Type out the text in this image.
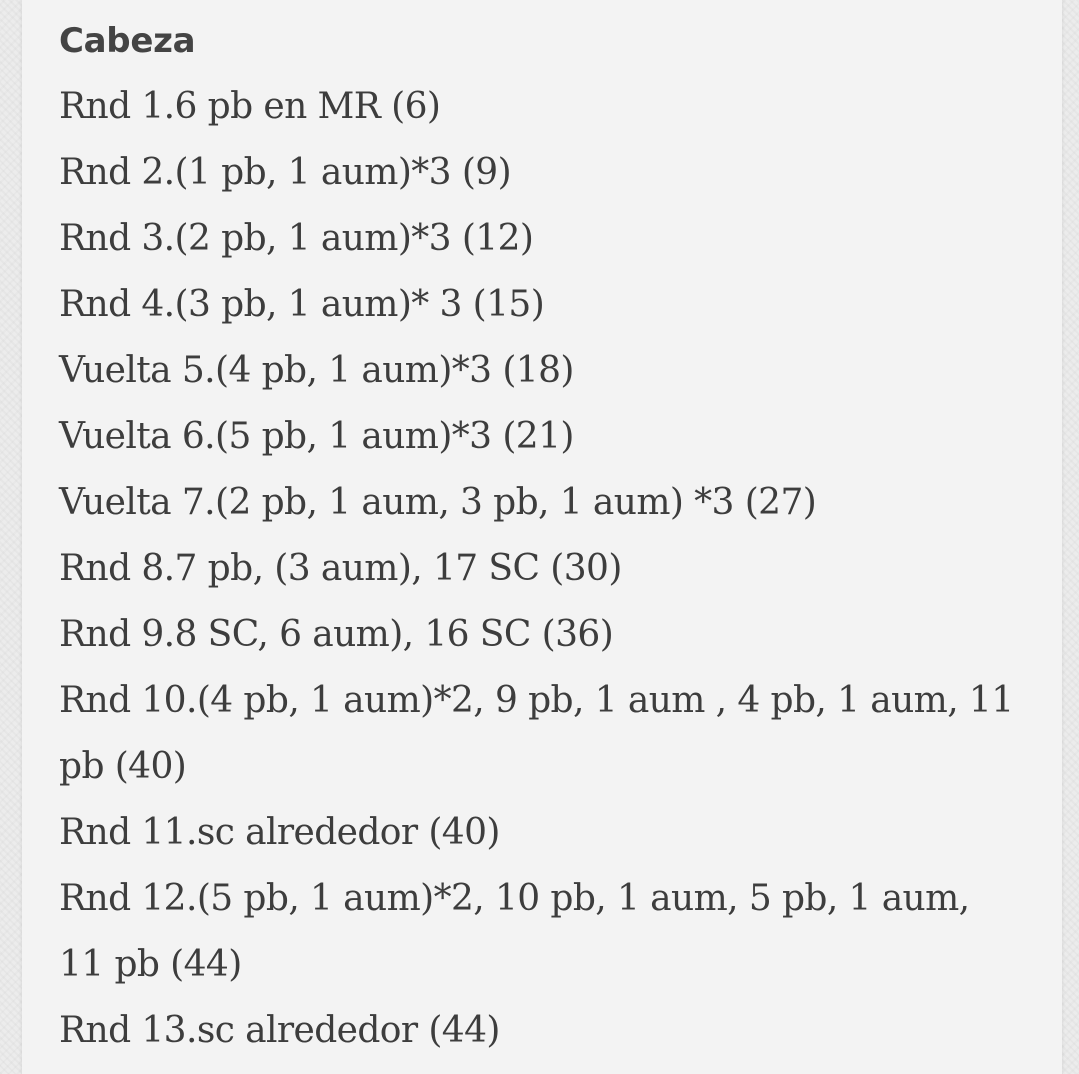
Cabeza
Rnd 1.6 pb en MR (6)
Rnd 2.(1 pb, 1 aum)*3 (9)
Rnd 3.(2 pb, 1 aum)*3 (12)
Rnd 4.(3 pb, 1 aum)* 3 (15)
Vuelta 5.(4 pb, 1 aum)*3 (18)
Vuelta 6.(5 pb, 1 aum)*3 (21)
Vuelta 7.(2 pb, 1 aum, 3 pb, 1 aum) *3 (27)
Rnd 8.7 pb, (3 aum), 17 SC (30)
Rnd 9.8 SC, 6 aum), 16 SC (36)
Rnd 10.(4 pb, 1 aum)*2, 9 pb, 1 aum , 4 pb, 1 aum, 11 pb (40)
Rnd 11.sc alrededor (40)
Rnd 12.(5 pb, 1 aum)*2, 10 pb, 1 aum, 5 pb, 1 aum, 11 pb (44)
Rnd 13.sc alrededor (44)
